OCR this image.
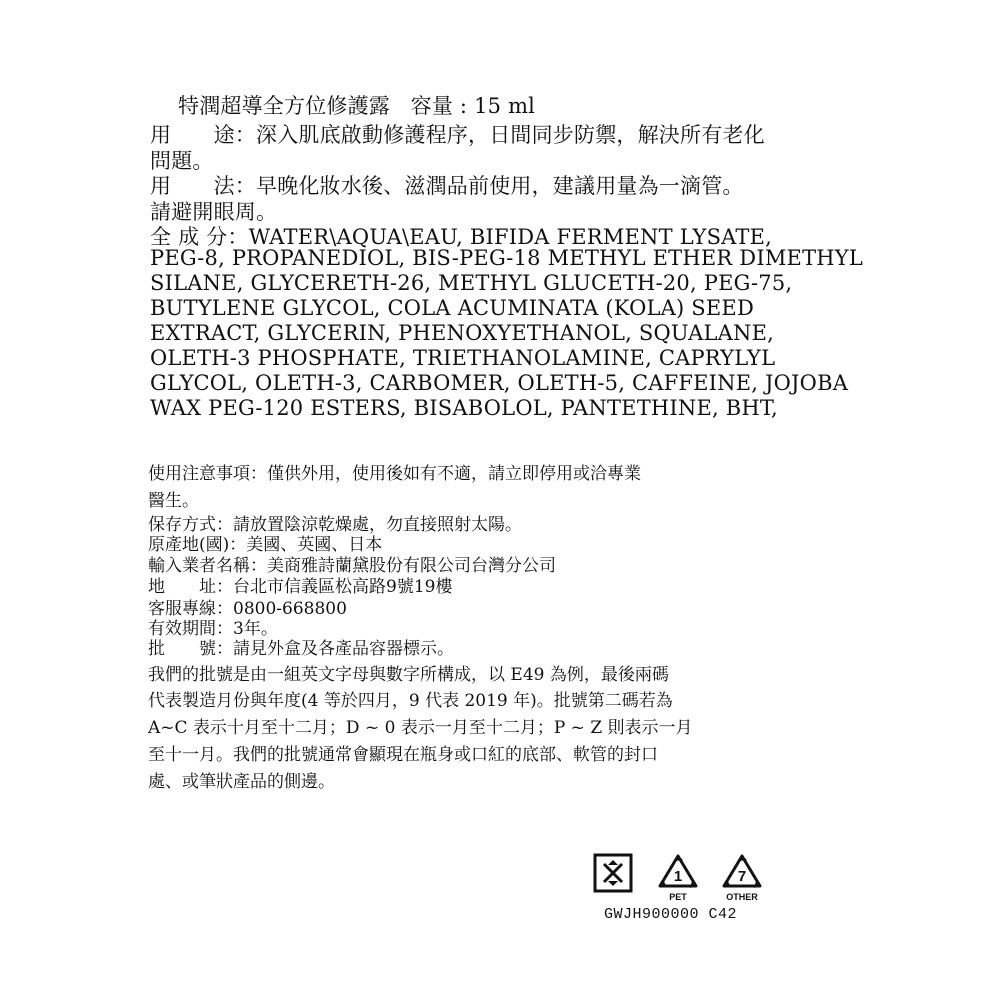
特潤超導全方位修護露 容量 : 15 ml
用　　途：深入肌底啟動修護程序，日間同步防禦，解決所有老化
問題。
用　　法：早晚化妝水後、滋潤品前使用，建議用量為一滴管。
請避開眼周。
全 成 分：WATER\AQUA\EAU, BIFIDA FERMENT LYSATE,
PEG-8, PROPANEDIOL, BIS-PEG-18 METHYL ETHER DIMETHYL
SILANE, GLYCERETH-26, METHYL GLUCETH-20, PEG-75,
BUTYLENE GLYCOL, COLA ACUMINATA (KOLA) SEED
EXTRACT, GLYCERIN, PHENOXYETHANOL, SQUALANE,
OLETH-3 PHOSPHATE, TRIETHANOLAMINE, CAPRYLYL
GLYCOL, OLETH-3, CARBOMER, OLETH-5, CAFFEINE, JOJOBA
WAX PEG-120 ESTERS, BISABOLOL, PANTETHINE, BHT,
使用注意事項：僅供外用，使用後如有不適，請立即停用或洽專業
醫生。
保存方式：請放置陰涼乾燥處，勿直接照射太陽。
原產地(國)：美國、英國、日本
輸入業者名稱：美商雅詩蘭黛股份有限公司台灣分公司
地　　址：台北市信義區松高路9號19樓
客服專線：0800-668800
有效期間：3年。
批　　號：請見外盒及各產品容器標示。
我們的批號是由一組英文字母與數字所構成，以 E49 為例，最後兩碼
代表製造月份與年度(4 等於四月，9 代表 2019 年)。批號第二碼若為
A~C 表示十月至十二月；D ~ 0 表示一月至十二月；P ~ Z 則表示一月
至十一月。我們的批號通常會顯現在瓶身或口紅的底部、軟管的封口
處、或筆狀產品的側邊。
1
PET
7
OTHER
GWJH900000 C42
